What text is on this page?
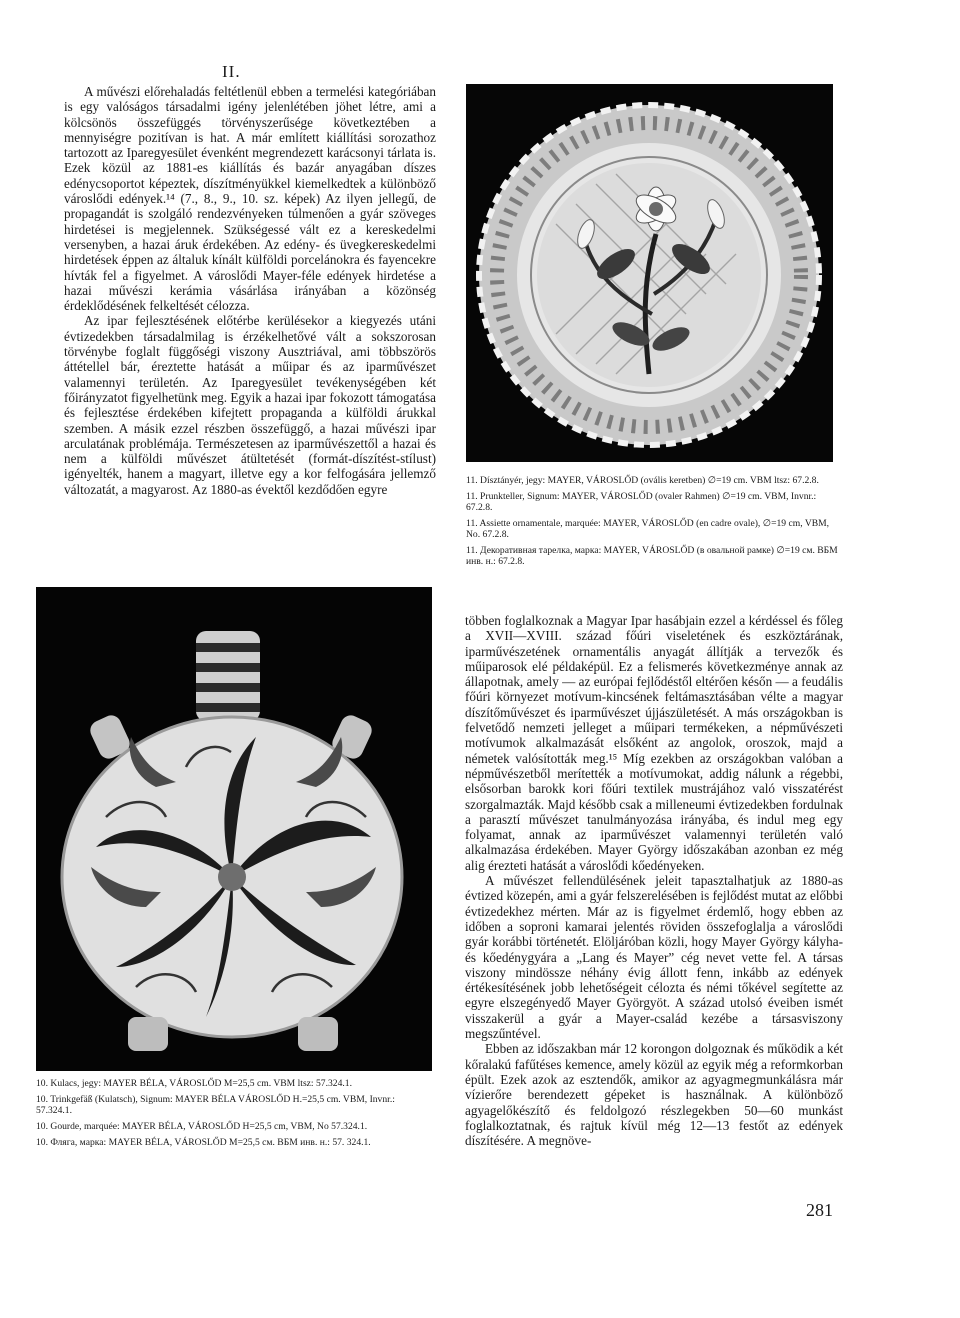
II.

A művészi előrehaladás feltétlenül ebben a termelési kategóriában is egy valóságos társadalmi igény jelenlétében jöhet létre, ami a kölcsönös összefüggés törvényszerűsége következtében a mennyiségre pozitívan is hat. A már említett kiállítási sorozathoz tartozott az Iparegyesület évenként megrendezett karácsonyi tárlata is. Ezek közül az 1881-es kiállítás és bazár anyagában díszes edénycsoportot képeztek, díszítményükkel kiemelkedtek a különböző városlődi edények.¹⁴ (7., 8., 9., 10. sz. képek) Az ilyen jellegű, de propagandát is szolgáló rendezvényeken túlmenően a gyár szöveges hirdetései is megjelennek. Szükségessé vált ez a kereskedelmi versenyben, a hazai áruk érdekében. Az edény- és üvegkereskedelmi hirdetések éppen az általuk kínált külföldi porcelánokra és fayencekre hívták fel a figyelmet. A városlődi Mayer-féle edények hirdetése a hazai művészi kerámia vásárlása irányában a közönség érdeklődésének felkeltését célozza.

Az ipar fejlesztésének előtérbe kerülésekor a kiegyezés utáni évtizedekben társadalmilag is érzékelhetővé vált a sokszorosan törvénybe foglalt függőségi viszony Ausztriával, ami többszörös áttétellel bár, éreztette hatását a műipar és az iparművészet valamennyi területén. Az Iparegyesület tevékenységében két főirányzatot figyelhetünk meg. Egyik a hazai ipar fokozott támogatása és fejlesztése érdekében kifejtett propaganda a külföldi árukkal szemben. A másik ezzel részben összefüggő, a hazai művészi ipar arculatának problémája. Természetesen az iparművészettől a hazai és nem a külföldi művészet átültetését (formát-díszítést-stílust) igényelték, hanem a magyart, illetve egy a kor felfogására jellemző változatát, a magyarost. Az 1880-as évektől kezdődően egyre

11. Dísztányér, jegy: MAYER, VÁROSLŐD (ovális keretben) ∅=19 cm. VBM ltsz: 67.2.8.

11. Prunkteller, Signum: MAYER, VÁROSLŐD (ovaler Rahmen) ∅=19 cm. VBM, Invnr.: 67.2.8.

11. Assiette ornamentale, marquée: MAYER, VÁROSLŐD (en cadre ovale), ∅=19 cm, VBM, No. 67.2.8.

11. Декоративная тарелка, марка: MAYER, VÁROSLŐD (в овальной рамке) ∅=19 см. ВБМ инв. н.: 67.2.8.

10. Kulacs, jegy: MAYER BÉLA, VÁROSLŐD M=25,5 cm. VBM ltsz: 57.324.1.

10. Trinkgefäß (Kulatsch), Signum: MAYER BÉLA VÁROSLŐD H.=25,5 cm. VBM, Invnr.: 57.324.1.

10. Gourde, marquée: MAYER BÉLA, VÁROSLŐD H=25,5 cm, VBM, No 57.324.1.

10. Фляга, марка: MAYER BÉLA, VÁROSLŐD M=25,5 см. ВБМ инв. н.: 57. 324.1.

többen foglalkoznak a Magyar Ipar hasábjain ezzel a kérdéssel és főleg a XVII—XVIII. század főúri viseletének és eszköztárának, iparművészetének ornamentális anyagát állítják a tervezők és műiparosok elé példaképül. Ez a felismerés következménye annak az állapotnak, amely — az európai fejlődéstől eltérően későn — a feudális főúri környezet motívum-kincsének feltámasztásában vélte a magyar díszítőművészet és iparművészet újjászületését. A más országokban is felvetődő nemzeti jelleget a műipari termékeken, a népművészeti motívumok alkalmazását elsőként az angolok, oroszok, majd a németek valósították meg.¹⁵ Míg ezekben az országokban valóban a népművészetből merítették a motívumokat, addig nálunk a régebbi, elsősorban barokk kori főúri textilek mustrájához való visszatérést szorgalmazták. Majd később csak a milleneumi évtizedekben fordulnak a parasztí művészet tanulmányozása irányába, és indul meg egy folyamat, annak az iparművészet valamennyi területén való alkalmazása érdekében. Mayer György időszakában azonban ez még alig érezteti hatását a városlődi kőedényeken.

A művészet fellendülésének jeleit tapasztalhatjuk az 1880-as évtized közepén, ami a gyár felszerelésében is fejlődést mutat az előbbi évtizedekhez mérten. Már az is figyelmet érdemlő, hogy ebben az időben a soproni kamarai jelentés röviden összefoglalja a városlődi gyár korábbi történetét. Elöljáróban közli, hogy Mayer György kályha- és kőedénygyára a „Lang és Mayer” cég nevet vette fel. A társas viszony mindössze néhány évig állott fenn, inkább az edények értékesítésének jobb lehetőségeit célozta és némi tőkével segítette az egyre elszegényedő Mayer Györgyöt. A század utolsó éveiben ismét visszakerül a gyár a Mayer-család kezébe a társasviszony megszűntével.

Ebben az időszakban már 12 korongon dolgoznak és működik a két kőralakú fafűtéses kemence, amely közül az egyik még a reformkorban épült. Ezek azok az esztendők, amikor az agyagmegmunkálásra már vízierőre berendezett gépeket is használnak. A különböző agyagelőkészítő és feldolgozó részlegekben 50—60 munkást foglalkoztatnak, és rajtuk kívül még 12—13 festőt az edények díszítésére. A megnöve-

281
